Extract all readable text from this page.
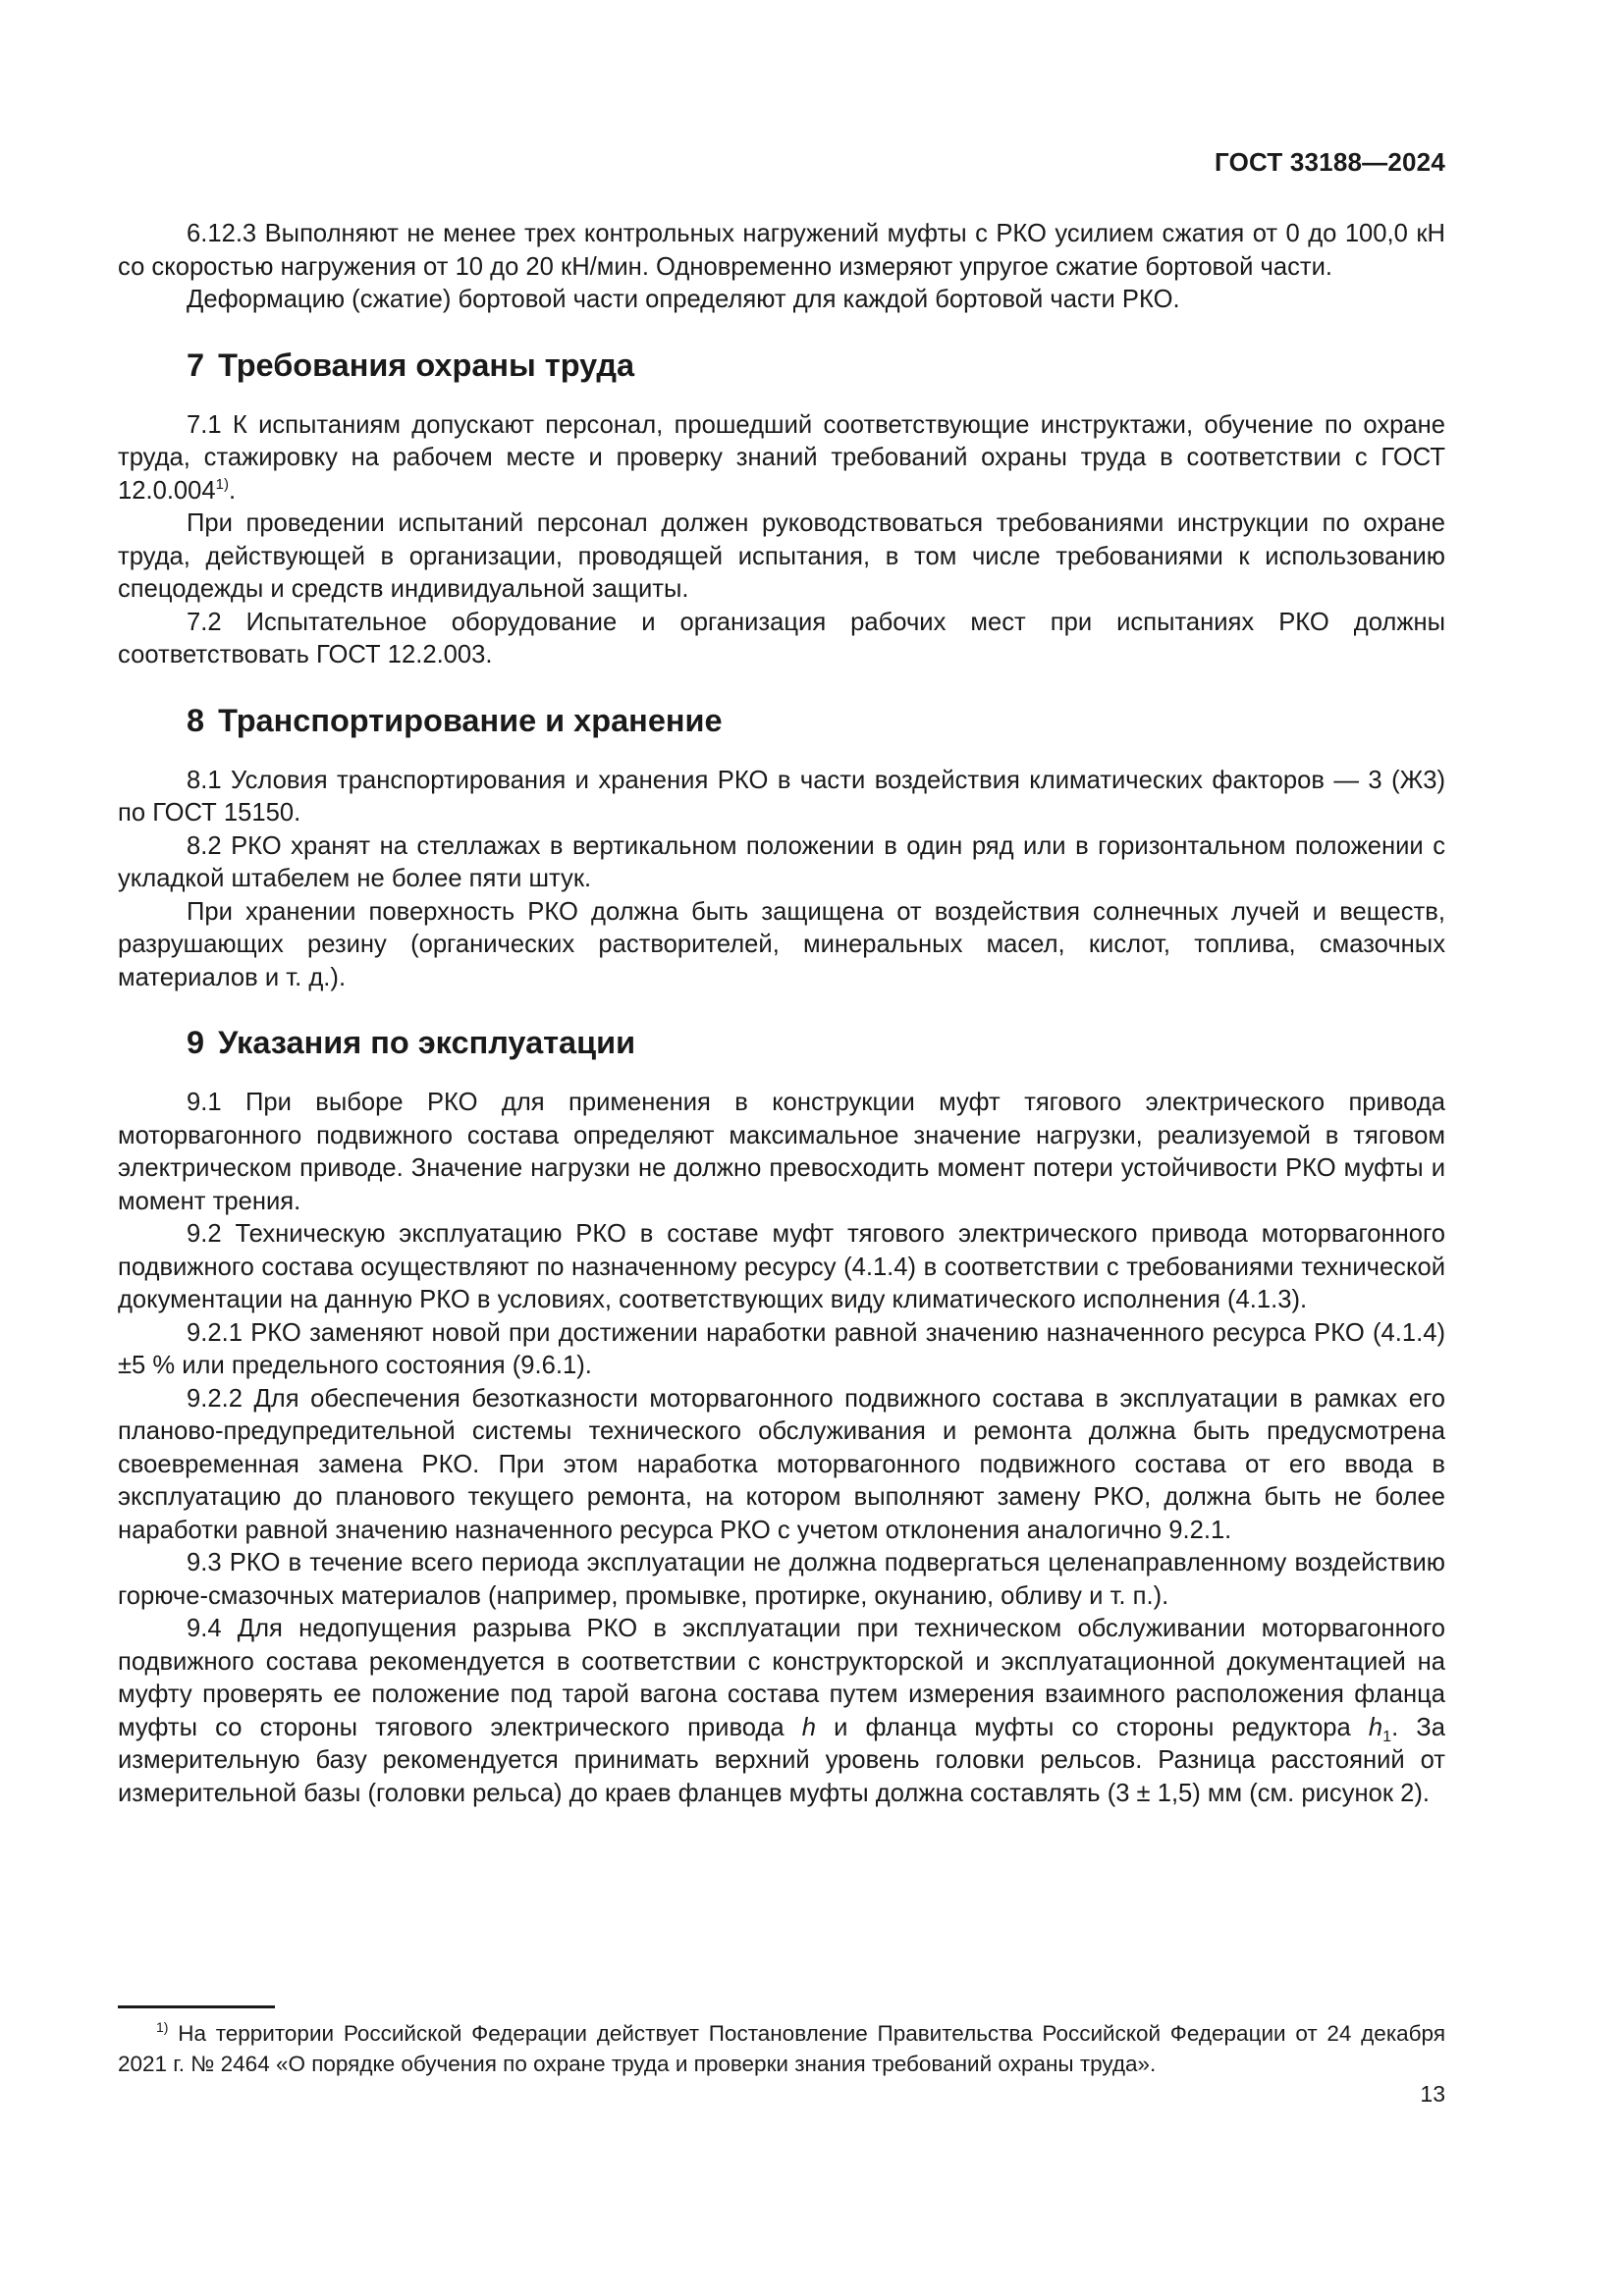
ГОСТ 33188—2024

6.12.3 Выполняют не менее трех контрольных нагружений муфты с РКО усилием сжатия от 0 до 100,0 кН со скоростью нагружения от 10 до 20 кН/мин. Одновременно измеряют упругое сжатие бортовой части.

Деформацию (сжатие) бортовой части определяют для каждой бортовой части РКО.

7 Требования охраны труда

7.1 К испытаниям допускают персонал, прошедший соответствующие инструктажи, обучение по охране труда, стажировку на рабочем месте и проверку знаний требований охраны труда в соответствии с ГОСТ 12.0.004$^{1)}$.

При проведении испытаний персонал должен руководствоваться требованиями инструкции по охране труда, действующей в организации, проводящей испытания, в том числе требованиями к использованию спецодежды и средств индивидуальной защиты.

7.2 Испытательное оборудование и организация рабочих мест при испытаниях РКО должны соответствовать ГОСТ 12.2.003.

8 Транспортирование и хранение

8.1 Условия транспортирования и хранения РКО в части воздействия климатических факторов — 3 (Ж3) по ГОСТ 15150.

8.2 РКО хранят на стеллажах в вертикальном положении в один ряд или в горизонтальном положении с укладкой штабелем не более пяти штук.

При хранении поверхность РКО должна быть защищена от воздействия солнечных лучей и веществ, разрушающих резину (органических растворителей, минеральных масел, кислот, топлива, смазочных материалов и т. д.).

9 Указания по эксплуатации

9.1 При выборе РКО для применения в конструкции муфт тягового электрического привода моторвагонного подвижного состава определяют максимальное значение нагрузки, реализуемой в тяговом электрическом приводе. Значение нагрузки не должно превосходить момент потери устойчивости РКО муфты и момент трения.

9.2 Техническую эксплуатацию РКО в составе муфт тягового электрического привода моторвагонного подвижного состава осуществляют по назначенному ресурсу (4.1.4) в соответствии с требованиями технической документации на данную РКО в условиях, соответствующих виду климатического исполнения (4.1.3).

9.2.1 РКО заменяют новой при достижении наработки равной значению назначенного ресурса РКО (4.1.4) ±5 % или предельного состояния (9.6.1).

9.2.2 Для обеспечения безотказности моторвагонного подвижного состава в эксплуатации в рамках его планово-предупредительной системы технического обслуживания и ремонта должна быть предусмотрена своевременная замена РКО. При этом наработка моторвагонного подвижного состава от его ввода в эксплуатацию до планового текущего ремонта, на котором выполняют замену РКО, должна быть не более наработки равной значению назначенного ресурса РКО с учетом отклонения аналогично 9.2.1.

9.3 РКО в течение всего периода эксплуатации не должна подвергаться целенаправленному воздействию горюче-смазочных материалов (например, промывке, протирке, окунанию, обливу и т. п.).

9.4 Для недопущения разрыва РКО в эксплуатации при техническом обслуживании моторвагонного подвижного состава рекомендуется в соответствии с конструкторской и эксплуатационной документацией на муфту проверять ее положение под тарой вагона состава путем измерения взаимного расположения фланца муфты со стороны тягового электрического привода h и фланца муфты со стороны редуктора $h_1$. За измерительную базу рекомендуется принимать верхний уровень головки рельсов. Разница расстояний от измерительной базы (головки рельса) до краев фланцев муфты должна составлять (3 ± 1,5) мм (см. рисунок 2).

$^{1)}$ На территории Российской Федерации действует Постановление Правительства Российской Федерации от 24 декабря 2021 г. № 2464 «О порядке обучения по охране труда и проверки знания требований охраны труда».

13
